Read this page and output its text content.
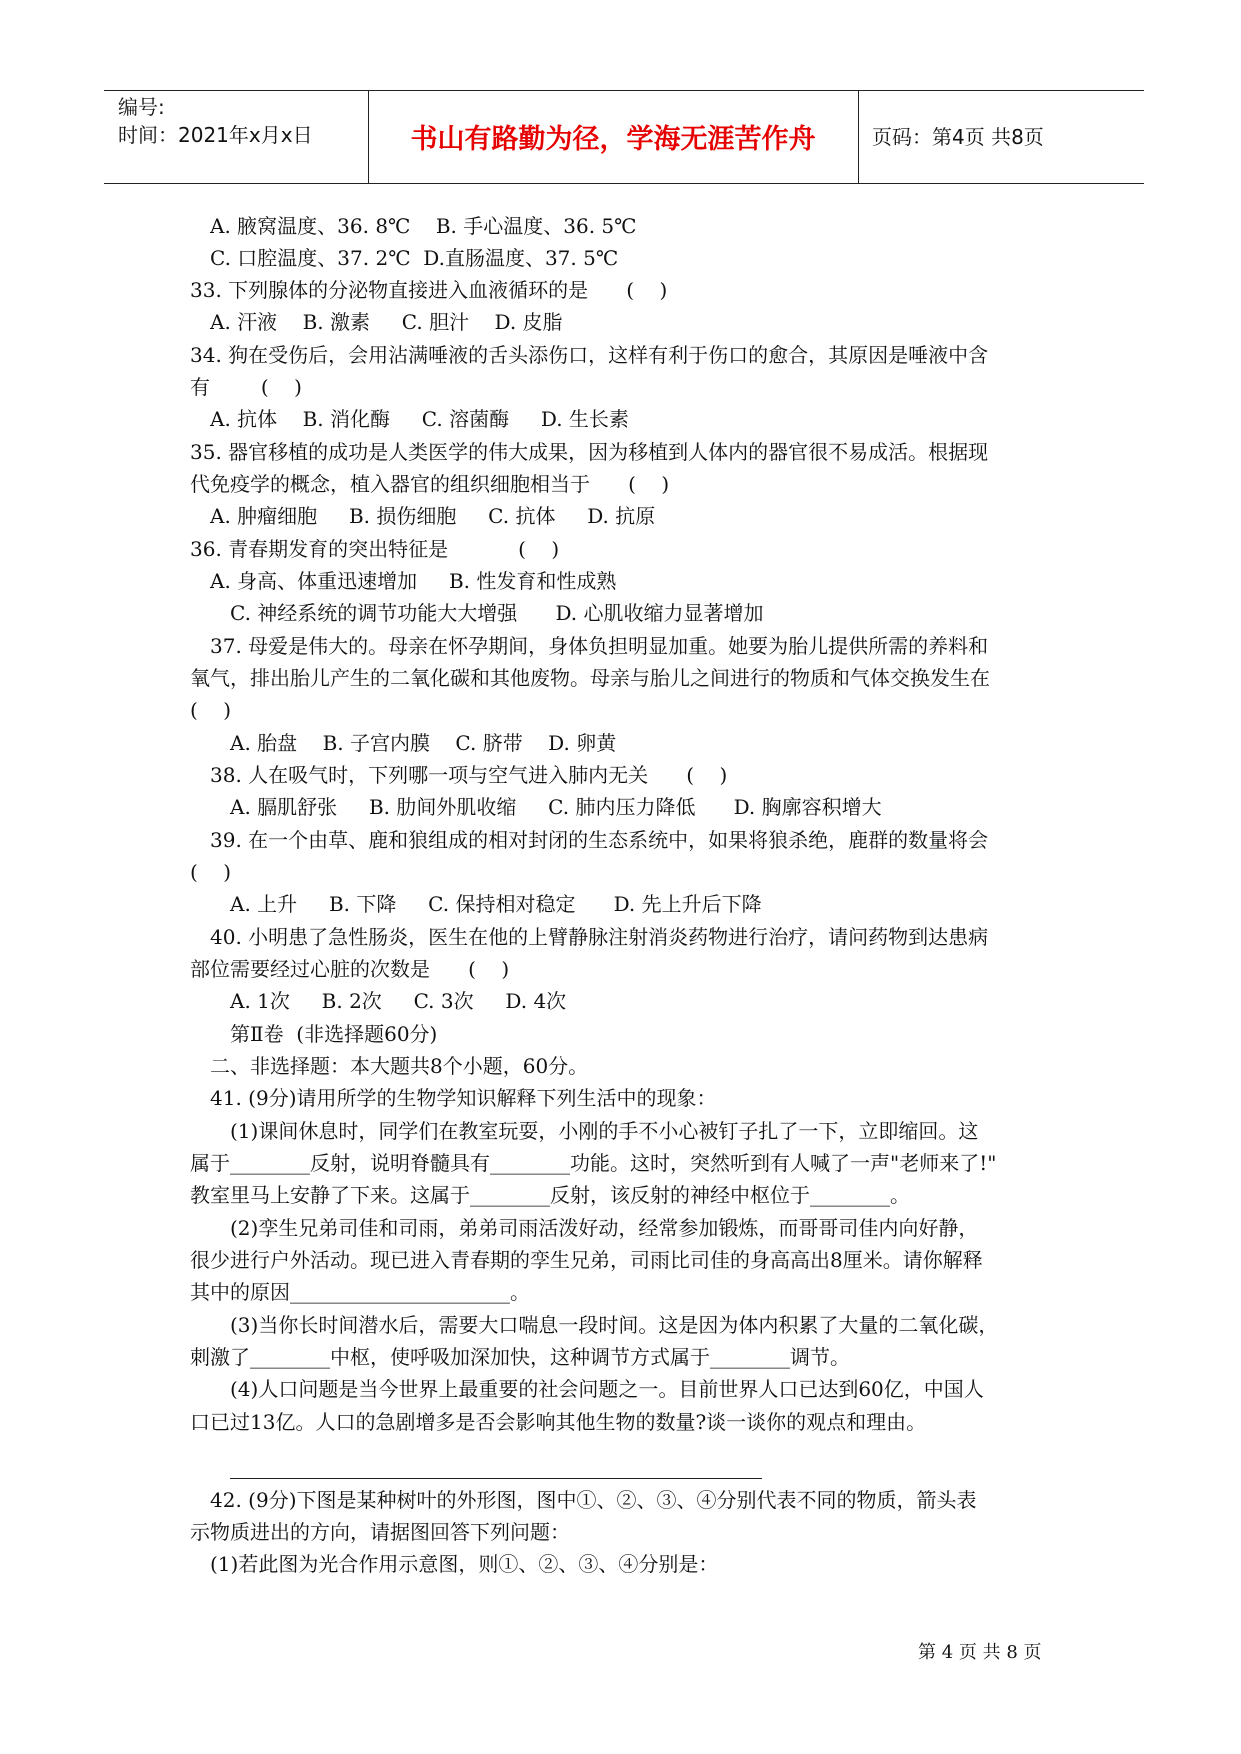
编号:
时间：2021年x月x日	书山有路勤为径，学海无涯苦作舟	页码：第4页 共8页
A. 腋窝温度、36. 8℃    B. 手心温度、36. 5℃
C. 口腔温度、37. 2℃  D.直肠温度、37. 5℃
33. 下列腺体的分泌物直接进入血液循环的是      (    )
A. 汗液    B. 激素     C. 胆汁    D. 皮脂
34. 狗在受伤后，会用沾满唾液的舌头添伤口，这样有利于伤口的愈合，其原因是唾液中含
有        (    )
A. 抗体    B. 消化酶     C. 溶菌酶     D. 生长素
35. 器官移植的成功是人类医学的伟大成果，因为移植到人体内的器官很不易成活。根据现
代免疫学的概念，植入器官的组织细胞相当于      (    )
A. 肿瘤细胞     B. 损伤细胞     C. 抗体     D. 抗原
36. 青春期发育的突出特征是           (    )
A. 身高、体重迅速增加     B. 性发育和性成熟
C. 神经系统的调节功能大大增强      D. 心肌收缩力显著增加
37. 母爱是伟大的。母亲在怀孕期间，身体负担明显加重。她要为胎儿提供所需的养料和
氧气，排出胎儿产生的二氧化碳和其他废物。母亲与胎儿之间进行的物质和气体交换发生在
(    )
A. 胎盘    B. 子宫内膜    C. 脐带    D. 卵黄
38. 人在吸气时，下列哪一项与空气进入肺内无关      (    )
A. 膈肌舒张     B. 肋间外肌收缩     C. 肺内压力降低      D. 胸廓容积增大
39. 在一个由草、鹿和狼组成的相对封闭的生态系统中，如果将狼杀绝，鹿群的数量将会
(    )
A. 上升     B. 下降     C. 保持相对稳定      D. 先上升后下降
40. 小明患了急性肠炎，医生在他的上臂静脉注射消炎药物进行治疗，请问药物到达患病
部位需要经过心脏的次数是      (    )
A. 1次     B. 2次     C. 3次     D. 4次
第Ⅱ卷  (非选择题60分)
二、非选择题：本大题共8个小题，60分。
41. (9分)请用所学的生物学知识解释下列生活中的现象：
(1)课间休息时，同学们在教室玩耍，小刚的手不小心被钉子扎了一下，立即缩回。这
属于________反射，说明脊髓具有________功能。这时，突然听到有人喊了一声"老师来了!"
教室里马上安静了下来。这属于________反射，该反射的神经中枢位于________。
(2)孪生兄弟司佳和司雨，弟弟司雨活泼好动，经常参加锻炼，而哥哥司佳内向好静，
很少进行户外活动。现已进入青春期的孪生兄弟，司雨比司佳的身高高出8厘米。请你解释
其中的原因______________________。
(3)当你长时间潜水后，需要大口喘息一段时间。这是因为体内积累了大量的二氧化碳，
刺激了________中枢，使呼吸加深加快，这种调节方式属于________调节。
(4)人口问题是当今世界上最重要的社会问题之一。目前世界人口已达到60亿，中国人
口已过13亿。人口的急剧增多是否会影响其他生物的数量?谈一谈你的观点和理由。
42. (9分)下图是某种树叶的外形图，图中①、②、③、④分别代表不同的物质，箭头表
示物质进出的方向，请据图回答下列问题：
(1)若此图为光合作用示意图，则①、②、③、④分别是：
第 4 页 共 8 页
